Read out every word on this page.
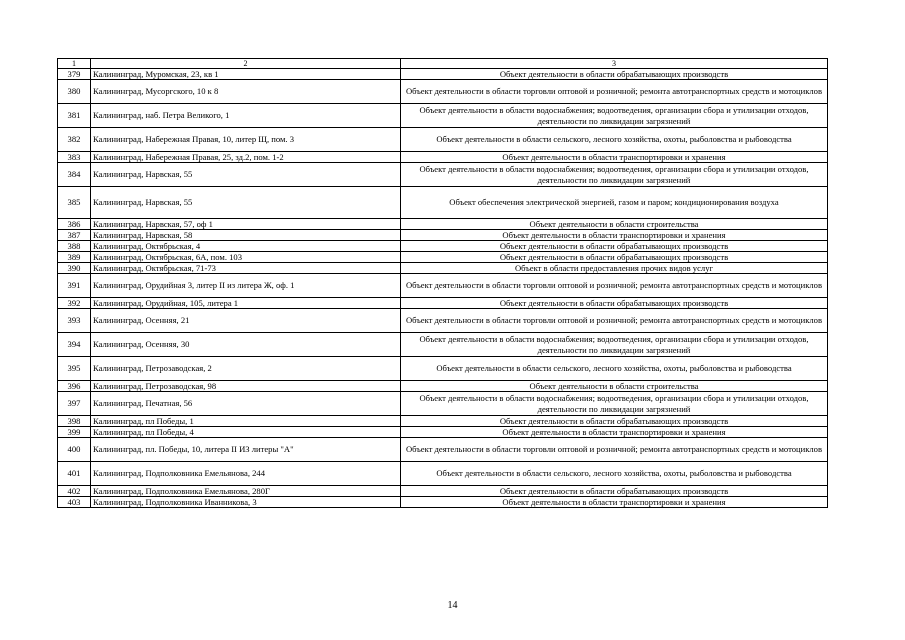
1	2	3
379	Калининград, Муромская, 23, кв 1	Объект деятельности в области обрабатывающих производств
380	Калининград, Мусоргского, 10 к 8	Объект деятельности в области торговли оптовой и розничной; ремонта автотранспортных средств и мотоциклов
381	Калининград, наб. Петра Великого, 1	Объект деятельности в области водоснабжения; водоотведения, организации сбора и утилизации отходов, деятельности по ликвидации загрязнений
382	Калининград, Набережная Правая, 10, литер Щ, пом. 3	Объект деятельности в области сельского, лесного хозяйства, охоты, рыболовства и рыбоводства
383	Калининград, Набережная Правая, 25, зд.2, пом. 1-2	Объект деятельности в области транспортировки и хранения
384	Калининград, Нарвская, 55	Объект деятельности в области водоснабжения; водоотведения, организации сбора и утилизации отходов, деятельности по ликвидации загрязнений
385	Калининград, Нарвская, 55	Объект обеспечения электрической энергией, газом и паром; кондиционирования воздуха
386	Калининград, Нарвская, 57, оф 1	Объект деятельности в области строительства
387	Калининград, Нарвская, 58	Объект деятельности в области транспортировки и хранения
388	Калининград, Октябрьская, 4	Объект деятельности в области обрабатывающих производств
389	Калининград, Октябрьская, 6А, пом. 103	Объект деятельности в области обрабатывающих производств
390	Калининград, Октябрьская, 71-73	Объект в области предоставления прочих видов услуг
391	Калининград, Орудийная 3, литер II из литера Ж, оф. 1	Объект деятельности в области торговли оптовой и розничной; ремонта автотранспортных средств и мотоциклов
392	Калининград, Орудийная, 105, литера 1	Объект деятельности в области обрабатывающих производств
393	Калининград, Осенняя, 21	Объект деятельности в области торговли оптовой и розничной; ремонта автотранспортных средств и мотоциклов
394	Калининград, Осенняя, 30	Объект деятельности в области водоснабжения; водоотведения, организации сбора и утилизации отходов, деятельности по ликвидации загрязнений
395	Калининград, Петрозаводская, 2	Объект деятельности в области сельского, лесного хозяйства, охоты, рыболовства и рыбоводства
396	Калининград, Петрозаводская, 98	Объект деятельности в области строительства
397	Калининград, Печатная, 56	Объект деятельности в области водоснабжения; водоотведения, организации сбора и утилизации отходов, деятельности по ликвидации загрязнений
398	Калининград, пл Победы, 1	Объект деятельности в области обрабатывающих производств
399	Калининград, пл Победы, 4	Объект деятельности в области транспортировки и хранения
400	Калининград, пл. Победы, 10, литера II ИЗ литеры "А"	Объект деятельности в области торговли оптовой и розничной; ремонта автотранспортных средств и мотоциклов
401	Калининград, Подполковника Емельянова, 244	Объект деятельности в области сельского, лесного хозяйства, охоты, рыболовства и рыбоводства
402	Калининград, Подполковника Емельянова, 280Г	Объект деятельности в области обрабатывающих производств
403	Калининград, Подполковника Иванникова, 3	Объект деятельности в области транспортировки и хранения
14
